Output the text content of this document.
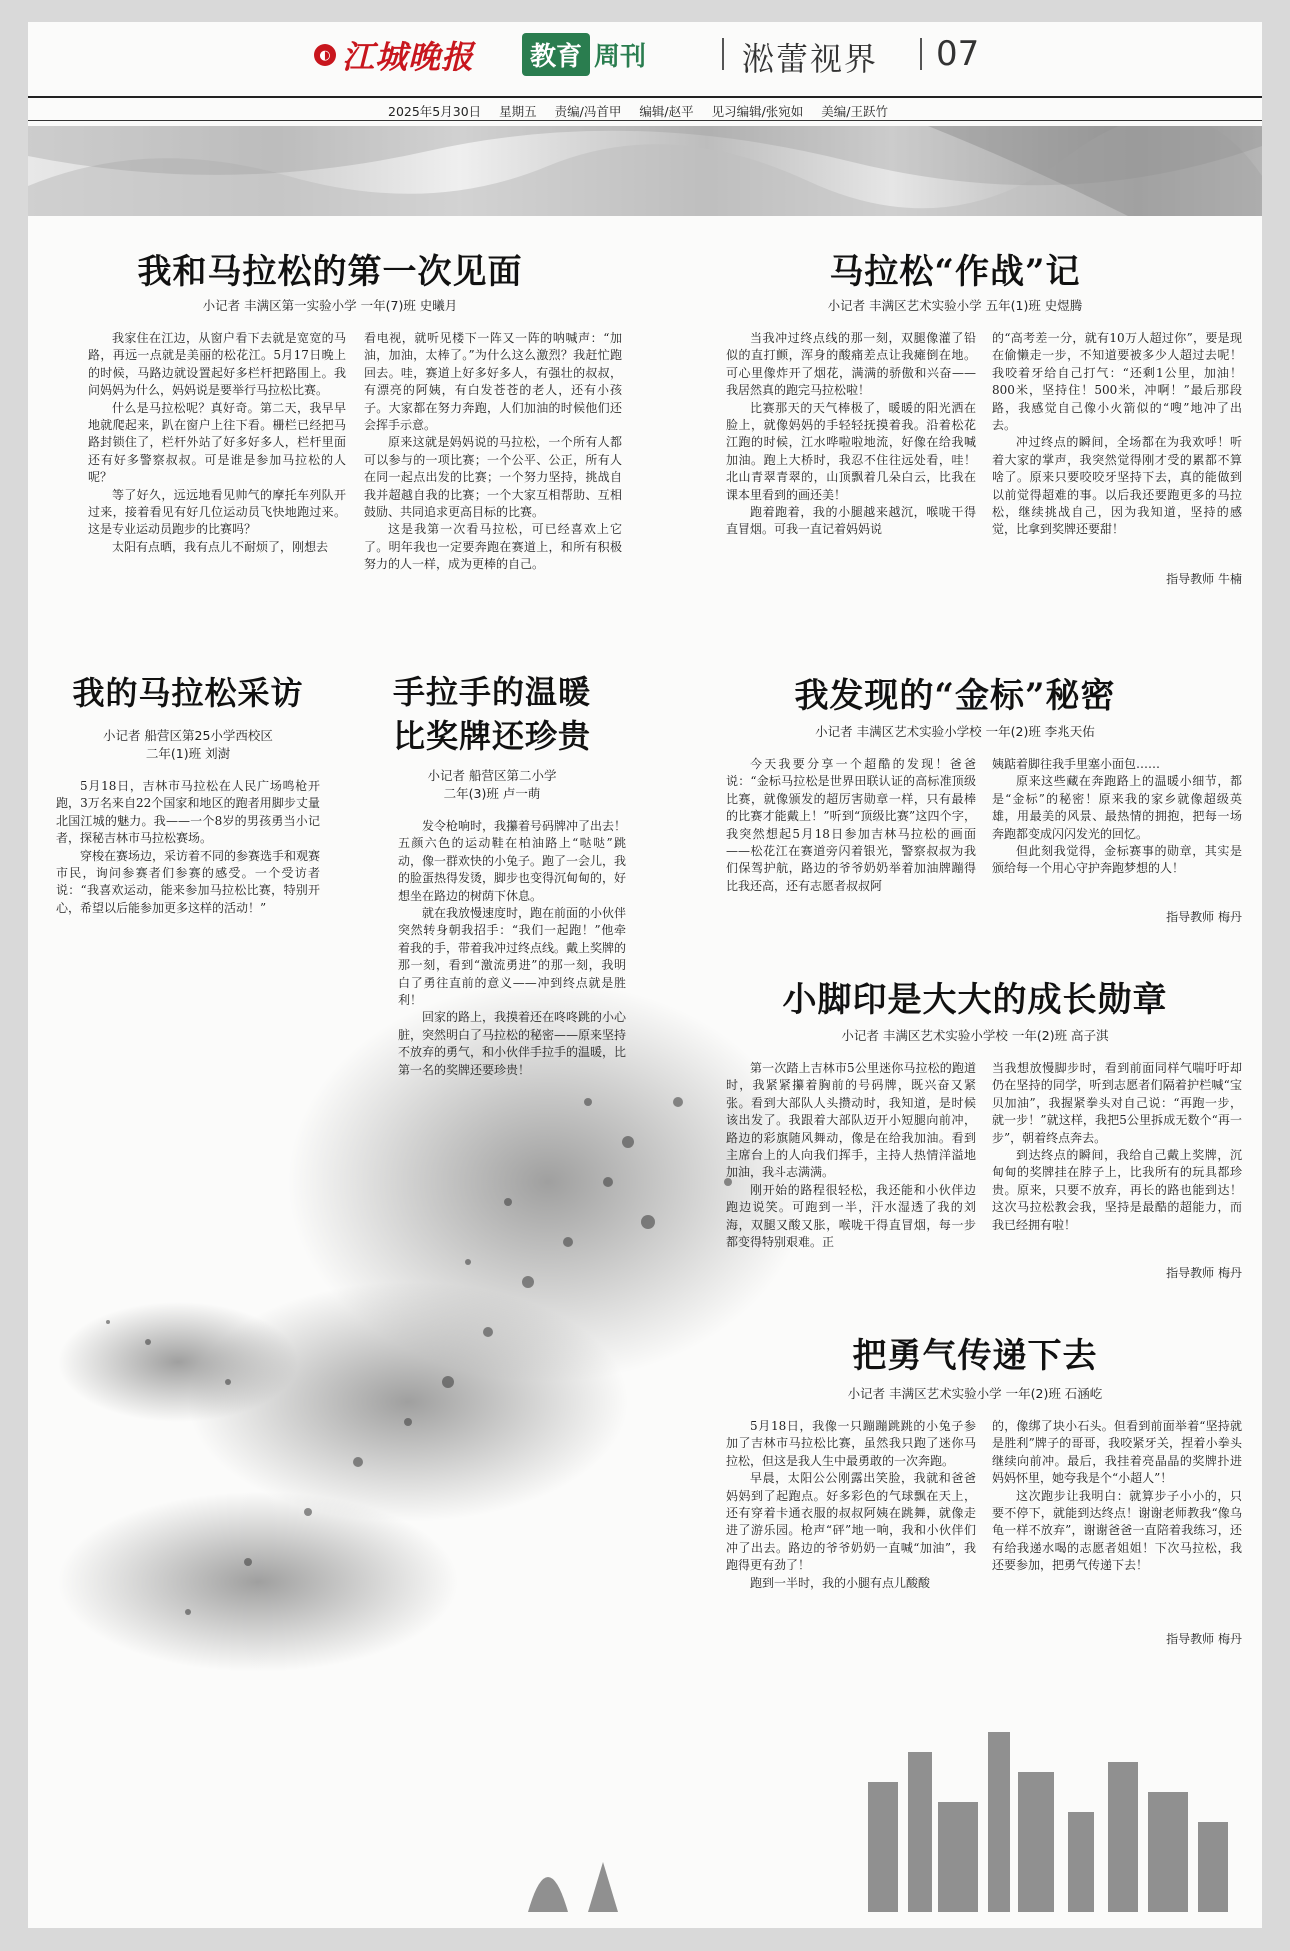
◐ 江城晚报	教育 周刊	淞蕾视界 07
2025年5月30日 星期五 责编/冯首甲 编辑/赵平 见习编辑/张宛如 美编/王跃竹
我和马拉松的第一次见面
小记者 丰满区第一实验小学 一年(7)班 史曦月

我家住在江边，从窗户看下去就是宽宽的马路，再远一点就是美丽的松花江。5月17日晚上的时候，马路边就设置起好多栏杆把路围上。我问妈妈为什么，妈妈说是要举行马拉松比赛。

什么是马拉松呢？真好奇。第二天，我早早地就爬起来，趴在窗户上往下看。栅栏已经把马路封锁住了，栏杆外站了好多好多人，栏杆里面还有好多警察叔叔。可是谁是参加马拉松的人呢？

等了好久，远远地看见帅气的摩托车列队开过来，接着看见有好几位运动员飞快地跑过来。这是专业运动员跑步的比赛吗？

太阳有点晒，我有点儿不耐烦了，刚想去

看电视，就听见楼下一阵又一阵的呐喊声：“加油，加油，太棒了。”为什么这么激烈？我赶忙跑回去。哇，赛道上好多好多人，有强壮的叔叔，有漂亮的阿姨，有白发苍苍的老人，还有小孩子。大家都在努力奔跑，人们加油的时候他们还会挥手示意。

原来这就是妈妈说的马拉松，一个所有人都可以参与的一项比赛；一个公平、公正，所有人在同一起点出发的比赛；一个努力坚持，挑战自我并超越自我的比赛；一个大家互相帮助、互相鼓励、共同追求更高目标的比赛。

这是我第一次看马拉松，可已经喜欢上它了。明年我也一定要奔跑在赛道上，和所有积极努力的人一样，成为更棒的自己。

马拉松“作战”记
小记者 丰满区艺术实验小学 五年(1)班 史煜腾

当我冲过终点线的那一刻，双腿像灌了铅似的直打颤，浑身的酸痛差点让我瘫倒在地。可心里像炸开了烟花，满满的骄傲和兴奋——我居然真的跑完马拉松啦！

比赛那天的天气棒极了，暖暖的阳光洒在脸上，就像妈妈的手轻轻抚摸着我。沿着松花江跑的时候，江水哗啦啦地流，好像在给我喊加油。跑上大桥时，我忍不住往远处看，哇！北山青翠青翠的，山顶飘着几朵白云，比我在课本里看到的画还美！

跑着跑着，我的小腿越来越沉，喉咙干得直冒烟。可我一直记着妈妈说

的“高考差一分，就有10万人超过你”，要是现在偷懒走一步，不知道要被多少人超过去呢！我咬着牙给自己打气：“还剩1公里，加油！800米，坚持住！500米，冲啊！”最后那段路，我感觉自己像小火箭似的“嗖”地冲了出去。

冲过终点的瞬间，全场都在为我欢呼！听着大家的掌声，我突然觉得刚才受的累都不算啥了。原来只要咬咬牙坚持下去，真的能做到以前觉得超难的事。以后我还要跑更多的马拉松，继续挑战自己，因为我知道，坚持的感觉，比拿到奖牌还要甜！

指导教师 牛楠
我的马拉松采访
小记者 船营区第25小学西校区
二年(1)班 刘澍

5月18日，吉林市马拉松在人民广场鸣枪开跑，3万名来自22个国家和地区的跑者用脚步丈量北国江城的魅力。我——一个8岁的男孩勇当小记者，探秘吉林市马拉松赛场。

穿梭在赛场边，采访着不同的参赛选手和观赛市民，询问参赛者们参赛的感受。一个受访者说：“我喜欢运动，能来参加马拉松比赛，特别开心，希望以后能参加更多这样的活动！”

手拉手的温暖
比奖牌还珍贵
小记者 船营区第二小学
二年(3)班 卢一萌

发令枪响时，我攥着号码牌冲了出去！五颜六色的运动鞋在柏油路上“哒哒”跳动，像一群欢快的小兔子。跑了一会儿，我的脸蛋热得发烫，脚步也变得沉甸甸的，好想坐在路边的树荫下休息。

就在我放慢速度时，跑在前面的小伙伴突然转身朝我招手：“我们一起跑！”他牵着我的手，带着我冲过终点线。戴上奖牌的那一刻，看到“激流勇进”的那一刻，我明白了勇往直前的意义——冲到终点就是胜利！

回家的路上，我摸着还在咚咚跳的小心脏，突然明白了马拉松的秘密——原来坚持不放弃的勇气，和小伙伴手拉手的温暖，比第一名的奖牌还要珍贵！

我发现的“金标”秘密
小记者 丰满区艺术实验小学校 一年(2)班 李兆天佑

今天我要分享一个超酷的发现！爸爸说：“金标马拉松是世界田联认证的高标准顶级比赛，就像颁发的超厉害勋章一样，只有最棒的比赛才能戴上！”听到“顶级比赛”这四个字，我突然想起5月18日参加吉林马拉松的画面——松花江在赛道旁闪着银光，警察叔叔为我们保驾护航，路边的爷爷奶奶举着加油牌蹦得比我还高，还有志愿者叔叔阿

姨踮着脚往我手里塞小面包……

原来这些藏在奔跑路上的温暖小细节，都是“金标”的秘密！原来我的家乡就像超级英雄，用最美的风景、最热情的拥抱，把每一场奔跑都变成闪闪发光的回忆。

但此刻我觉得，金标赛事的勋章，其实是颁给每一个用心守护奔跑梦想的人！

指导教师 梅丹
小脚印是大大的成长勋章
小记者 丰满区艺术实验小学校 一年(2)班 高子淇

第一次踏上吉林市5公里迷你马拉松的跑道时，我紧紧攥着胸前的号码牌，既兴奋又紧张。看到大部队人头攒动时，我知道，是时候该出发了。我跟着大部队迈开小短腿向前冲，路边的彩旗随风舞动，像是在给我加油。看到主席台上的人向我们挥手，主持人热情洋溢地加油，我斗志满满。

刚开始的路程很轻松，我还能和小伙伴边跑边说笑。可跑到一半，汗水湿透了我的刘海，双腿又酸又胀，喉咙干得直冒烟，每一步都变得特别艰难。正

当我想放慢脚步时，看到前面同样气喘吁吁却仍在坚持的同学，听到志愿者们隔着护栏喊“宝贝加油”，我握紧拳头对自己说：“再跑一步，就一步！”就这样，我把5公里拆成无数个“再一步”，朝着终点奔去。

到达终点的瞬间，我给自己戴上奖牌，沉甸甸的奖牌挂在脖子上，比我所有的玩具都珍贵。原来，只要不放弃，再长的路也能到达！这次马拉松教会我，坚持是最酷的超能力，而我已经拥有啦！

指导教师 梅丹
把勇气传递下去
小记者 丰满区艺术实验小学 一年(2)班 石涵屹

5月18日，我像一只蹦蹦跳跳的小兔子参加了吉林市马拉松比赛，虽然我只跑了迷你马拉松，但这是我人生中最勇敢的一次奔跑。

早晨，太阳公公刚露出笑脸，我就和爸爸妈妈到了起跑点。好多彩色的气球飘在天上，还有穿着卡通衣服的叔叔阿姨在跳舞，就像走进了游乐园。枪声“砰”地一响，我和小伙伴们冲了出去。路边的爷爷奶奶一直喊“加油”，我跑得更有劲了！

跑到一半时，我的小腿有点儿酸酸

的，像绑了块小石头。但看到前面举着“坚持就是胜利”牌子的哥哥，我咬紧牙关，捏着小拳头继续向前冲。最后，我挂着亮晶晶的奖牌扑进妈妈怀里，她夸我是个“小超人”！

这次跑步让我明白：就算步子小小的，只要不停下，就能到达终点！谢谢老师教我“像乌龟一样不放弃”，谢谢爸爸一直陪着我练习，还有给我递水喝的志愿者姐姐！下次马拉松，我还要参加，把勇气传递下去！

指导教师 梅丹
